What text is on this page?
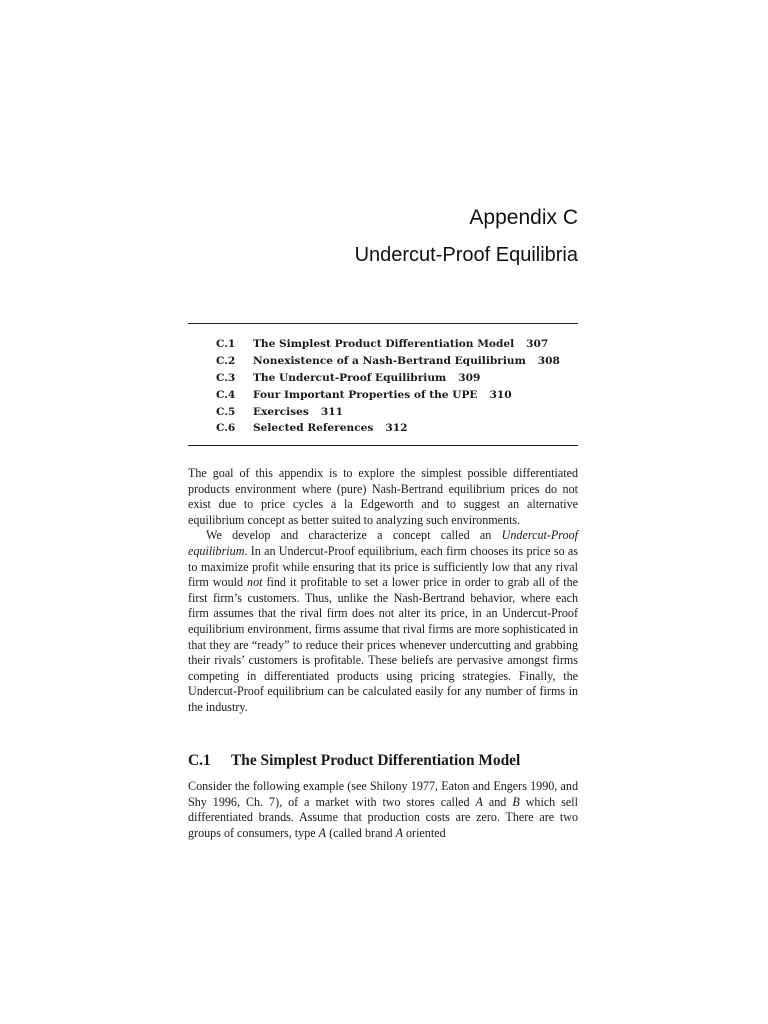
Appendix C
Undercut-Proof Equilibria
C.1	The Simplest Product Differentiation Model 307
C.2	Nonexistence of a Nash-Bertrand Equilibrium 308
C.3	The Undercut-Proof Equilibrium 309
C.4	Four Important Properties of the UPE 310
C.5	Exercises 311
C.6	Selected References 312

The goal of this appendix is to explore the simplest possible differentiated products environment where (pure) Nash-Bertrand equilibrium prices do not exist due to price cycles a la Edgeworth and to suggest an alternative equilibrium concept as better suited to analyzing such environments.

We develop and characterize a concept called an Undercut-Proof equilibrium. In an Undercut-Proof equilibrium, each firm chooses its price so as to maximize profit while ensuring that its price is sufficiently low that any rival firm would not find it profitable to set a lower price in order to grab all of the first firm’s customers. Thus, unlike the Nash-Bertrand behavior, where each firm assumes that the rival firm does not alter its price, in an Undercut-Proof equilibrium environment, firms assume that rival firms are more sophisticated in that they are “ready” to reduce their prices whenever undercutting and grabbing their rivals’ customers is profitable. These beliefs are pervasive amongst firms competing in differentiated products using pricing strategies. Finally, the Undercut-Proof equilibrium can be calculated easily for any number of firms in the industry.

C.1 The Simplest Product Differentiation Model

Consider the following example (see Shilony 1977, Eaton and Engers 1990, and Shy 1996, Ch. 7), of a market with two stores called A and B which sell differentiated brands. Assume that production costs are zero. There are two groups of consumers, type A (called brand A oriented
